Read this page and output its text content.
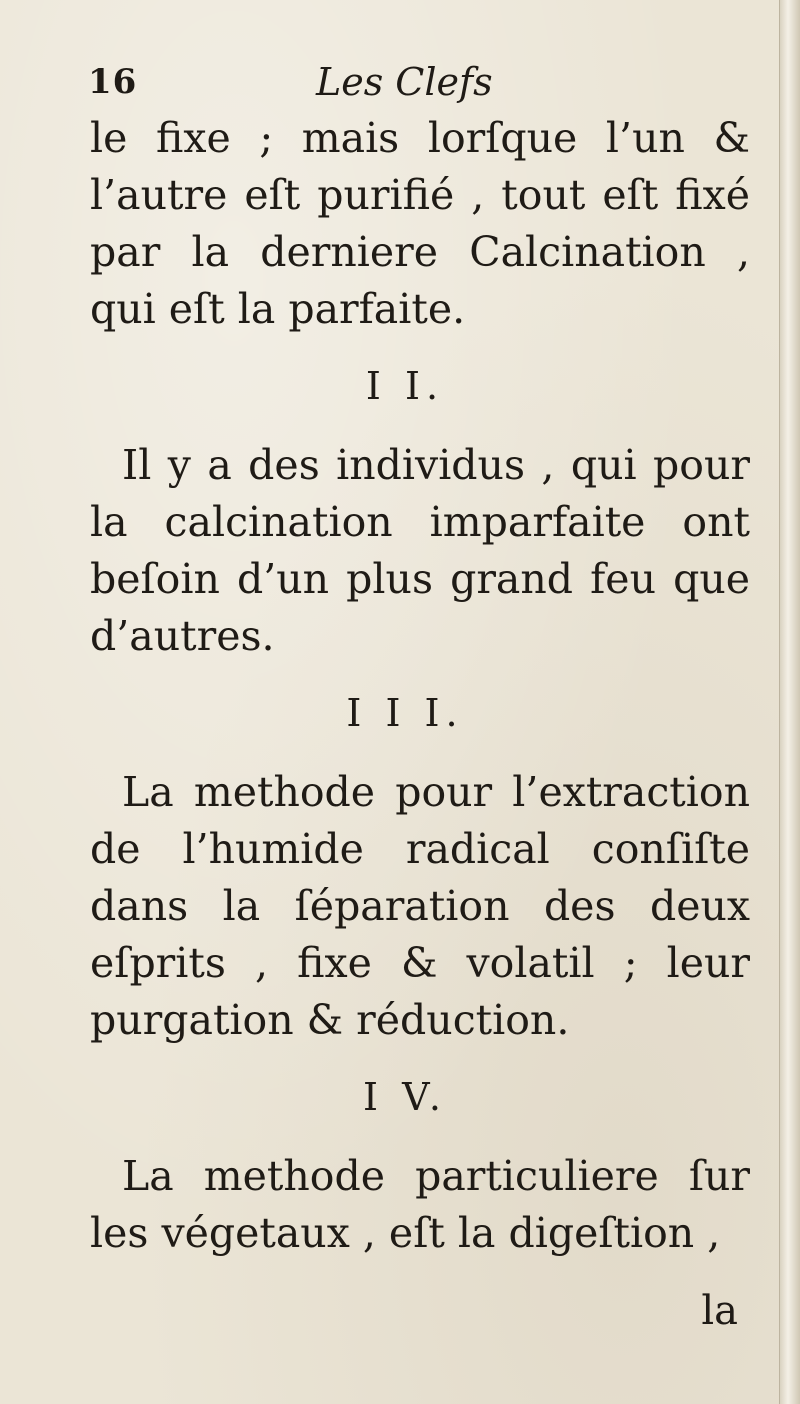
16	Les Clefs

le fixe ; mais lorſque l’un & l’autre eſt purifié , tout eſt fixé par la derniere Calcination , qui eſt la parfaite.

I I.

Il y a des individus , qui pour la calcination imparfaite ont beſoin d’un plus grand feu que d’autres.

I I I.

La methode pour l’extraction de l’humide radical conſiſte dans la ſéparation des deux eſprits , fixe & volatil ; leur purgation & réduction.

I V.

La methode particuliere ſur les végetaux , eſt la digeſtion ,

la
